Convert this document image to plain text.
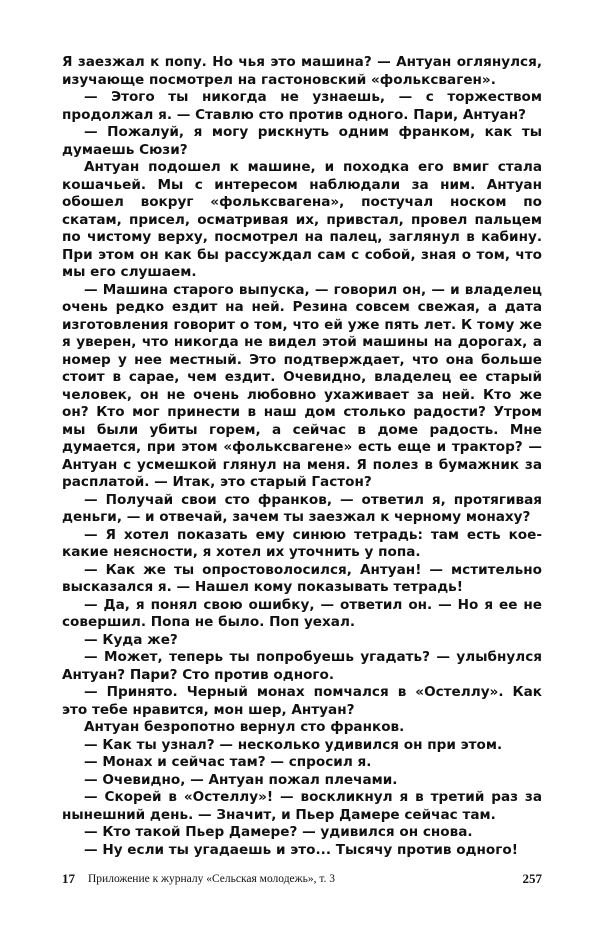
Я заезжал к попу. Но чья это машина? — Антуан оглянулся, изучающе посмотрел на гастоновский «фольксваген».

— Этого ты никогда не узнаешь, — с торжеством продолжал я. — Ставлю сто против одного. Пари, Антуан?

— Пожалуй, я могу рискнуть одним франком, как ты думаешь Сюзи?

Антуан подошел к машине, и походка его вмиг стала кошачьей. Мы с интересом наблюдали за ним. Антуан обошел вокруг «фольксвагена», постучал носком по скатам, присел, осматривая их, привстал, провел пальцем по чистому верху, посмотрел на палец, заглянул в кабину. При этом он как бы рассуждал сам с собой, зная о том, что мы его слушаем.

— Машина старого выпуска, — говорил он, — и владелец очень редко ездит на ней. Резина совсем свежая, а дата изготовления говорит о том, что ей уже пять лет. К тому же я уверен, что никогда не видел этой машины на дорогах, а номер у нее местный. Это подтверждает, что она больше стоит в сарае, чем ездит. Очевидно, владелец ее старый человек, он не очень любовно ухаживает за ней. Кто же он? Кто мог принести в наш дом столько радости? Утром мы были убиты горем, а сейчас в доме радость. Мне думается, при этом «фольксвагене» есть еще и трактор? — Антуан с усмешкой глянул на меня. Я полез в бумажник за расплатой. — Итак, это старый Гастон?

— Получай свои сто франков, — ответил я, протягивая деньги, — и отвечай, зачем ты заезжал к черному монаху?

— Я хотел показать ему синюю тетрадь: там есть кое-какие неясности, я хотел их уточнить у попа.

— Как же ты опростоволосился, Антуан! — мстительно высказался я. — Нашел кому показывать тетрадь!

— Да, я понял свою ошибку, — ответил он. — Но я ее не совершил. Попа не было. Поп уехал.

— Куда же?

— Может, теперь ты попробуешь угадать? — улыбнулся Антуан? Пари? Сто против одного.

— Принято. Черный монах помчался в «Остеллу». Как это тебе нравится, мон шер, Антуан?

Антуан безропотно вернул сто франков.

— Как ты узнал? — несколько удивился он при этом.

— Монах и сейчас там? — спросил я.

— Очевидно, — Антуан пожал плечами.

— Скорей в «Остеллу»! — воскликнул я в третий раз за нынешний день. — Значит, и Пьер Дамере сейчас там.

— Кто такой Пьер Дамере? — удивился он снова.

— Ну если ты угадаешь и это... Тысячу против одного!

17 Приложение к журналу «Сельская молодежь», т. 3	257
